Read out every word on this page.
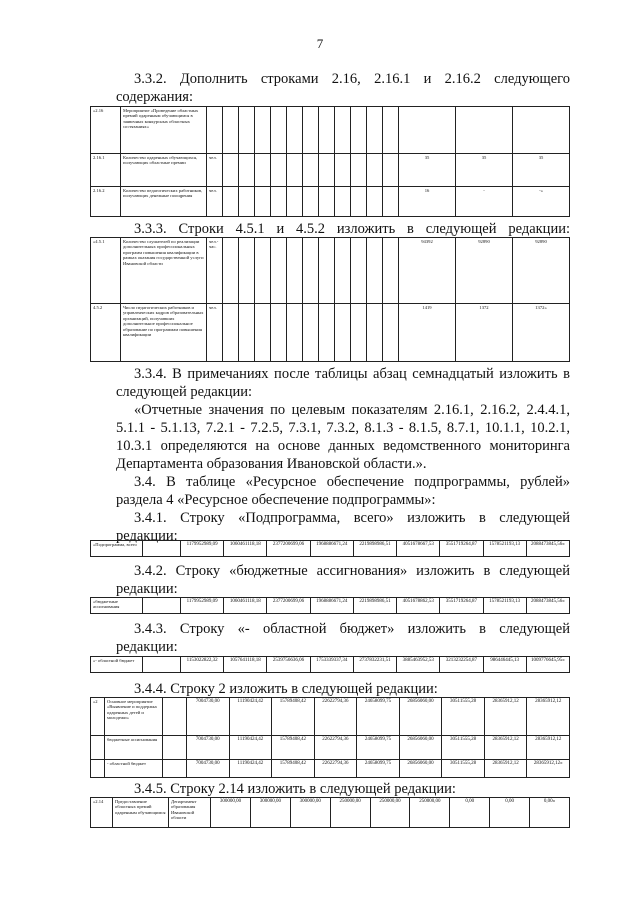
7

3.3.2. Дополнить строками 2.16, 2.16.1 и 2.16.2 следующего

содержания:

«2.16	Мероприятие «Проведение областных премий одаренным обучающимся в заявочных конкурсных областных состязаниях»															
2.16.1	Количество одаренных обучающихся, получающих областные премии	чел.												35	35	35
2.16.2	Количество педагогических работников, получающих денежные поощрения	чел.												16	-	-»

3.3.3. Строки 4.5.1 и 4.5.2 изложить в следующей редакции:

«4.5.1	Количество слушателей по реализации дополнительных профессиональных программ повышения квалификации в рамках оказания государственной услуги Ивановской области	чел.-час.												94392	92890	92890
4.5.2	Число педагогических работников и управленческих кадров образовательных организаций, получивших дополнительное профессиональное образование по программам повышения квалификации	чел.												1419	1372	1372»

3.3.4. В примечаниях после таблицы абзац семнадцатый изложить в следующей редакции:

«Отчетные значения по целевым показателям 2.16.1, 2.16.2, 2.4.4.1, 5.1.1 - 5.1.13, 7.2.1 - 7.2.5, 7.3.1, 7.3.2, 8.1.3 - 8.1.5, 8.7.1, 10.1.1, 10.2.1, 10.3.1 определяются на основе данных ведомственного мониторинга Департамента образования Ивановской области.».

3.4. В таблице «Ресурсное обеспечение подпрограммы, рублей» раздела 4 «Ресурсное обеспечение подпрограммы»:

3.4.1. Строку «Подпрограмма, всего» изложить в следующей

редакции:

«Подпрограмма, всего		1179952989,09	1060461118,18	2377200699,06	1968886671,24	2219898986,51	4051678667,53	3551719264,87	1578521193,13	2088473845,56»

3.4.2. Строку «бюджетные ассигнования» изложить в следующей

редакции:

«бюджетные ассигнования		1179952989,09	1060461118,18	2377200699,06	1968886671,24	2219898986,51	4051678862,53	3551719264,87	1578521193,13	2088473845,56»

3.4.3. Строку «- областной бюджет» изложить в следующей

редакции:

«- областной бюджет		1153022822,32	1057641118,18	2539756636,06	1753339337,34	2737832231,51	3885463952,53	3213232254,87	986446445,13	1009776645,95»

3.4.4. Строку 2 изложить в следующей редакции:

«2	Основное мероприятие «Выявление и поддержка одаренных детей и молодежи»		7004730,00	11190424,42	15789408,42	22622794,36	24658099,75	26856060,00	30511555,28	28365912,12	28365912,12
	бюджетные ассигнования		7004730,00	11190424,42	15789408,42	22622794,36	24658099,75	26856060,00	30511555,28	28365912,12	28365912,12
	- областной бюджет		7004730,00	11190424,42	15789408,42	22622794,36	24658099,75	26856060,00	30511555,28	28365912,12	28365912,12»

3.4.5. Строку 2.14 изложить в следующей редакции:

«2.14	Предоставление областных премий одаренным обучающимся	Департамент образования Ивановской области	300000,00	300000,00	300000,00	250000,00	250000,00	250000,00	0,00	0,00	0,00»
